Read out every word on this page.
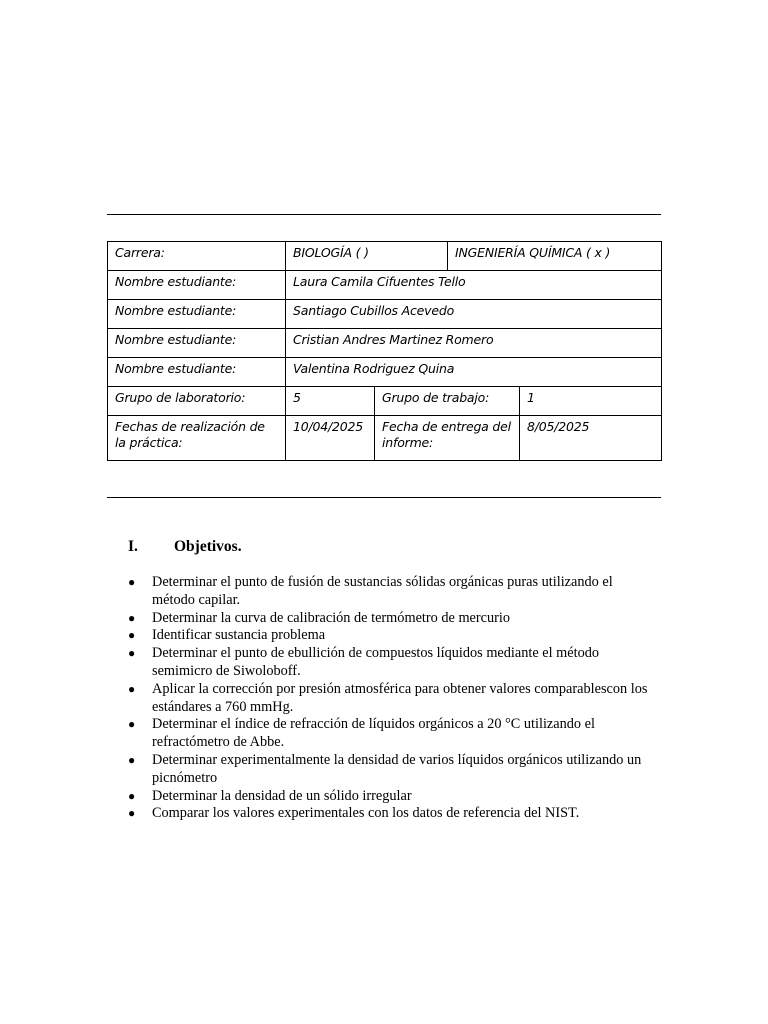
Carrera:	BIOLOGÍA ( )		INGENIERÍA QUÍMICA ( x )	
Nombre estudiante:	Laura Camila Cifuentes Tello			
Nombre estudiante:	Santiago Cubillos Acevedo			
Nombre estudiante:	Cristian Andres Martinez Romero			
Nombre estudiante:	Valentina Rodriguez Quina			
Grupo de laboratorio:	5	Grupo de trabajo:		1
Fechas de realización de la práctica:	10/04/2025	Fecha de entrega del informe:		8/05/2025
I. Objetivos.
● Determinar el punto de fusión de sustancias sólidas orgánicas puras utilizando el método capilar.
● Determinar la curva de calibración de termómetro de mercurio
● Identificar sustancia problema
● Determinar el punto de ebullición de compuestos líquidos mediante el método semimicro de Siwoloboff.
● Aplicar la corrección por presión atmosférica para obtener valores comparablescon los estándares a 760 mmHg.
● Determinar el índice de refracción de líquidos orgánicos a 20 °C utilizando el refractómetro de Abbe.
● Determinar experimentalmente la densidad de varios líquidos orgánicos utilizando un picnómetro
● Determinar la densidad de un sólido irregular
● Comparar los valores experimentales con los datos de referencia del NIST.
